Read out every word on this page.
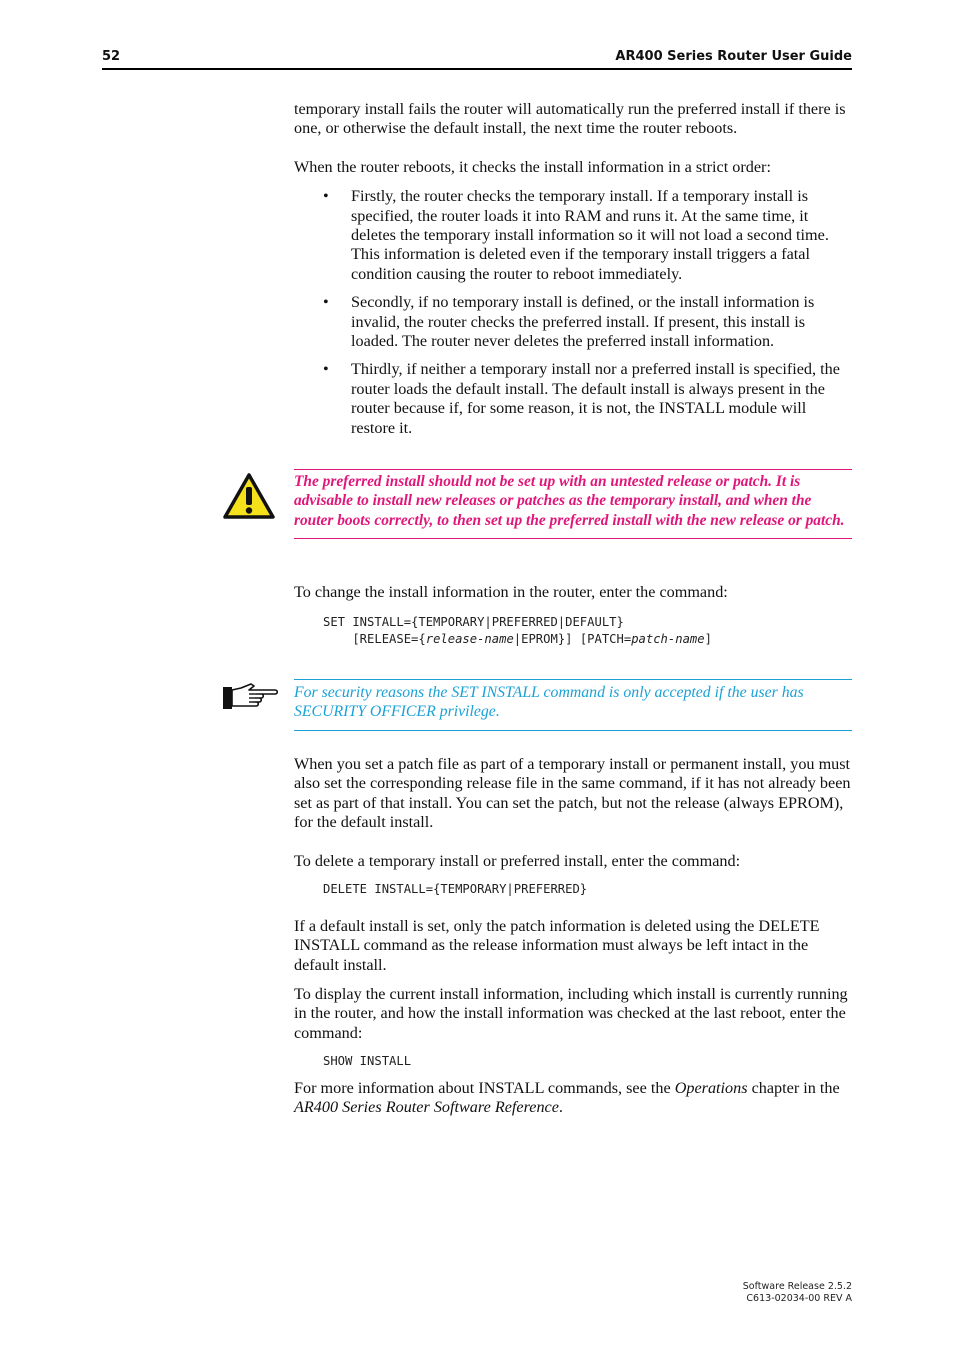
52	AR400 Series Router User Guide

temporary install fails the router will automatically run the preferred install if there is one, or otherwise the default install, the next time the router reboots.

When the router reboots, it checks the install information in a strict order:

• Firstly, the router checks the temporary install. If a temporary install is specified, the router loads it into RAM and runs it. At the same time, it deletes the temporary install information so it will not load a second time. This information is deleted even if the temporary install triggers a fatal condition causing the router to reboot immediately.
• Secondly, if no temporary install is defined, or the install information is invalid, the router checks the preferred install. If present, this install is loaded. The router never deletes the preferred install information.
• Thirdly, if neither a temporary install nor a preferred install is specified, the router loads the default install. The default install is always present in the router because if, for some reason, it is not, the INSTALL module will restore it.
The preferred install should not be set up with an untested release or patch. It is advisable to install new releases or patches as the temporary install, and when the router boots correctly, to then set up the preferred install with the new release or patch.

To change the install information in the router, enter the command:

SET INSTALL={TEMPORARY|PREFERRED|DEFAULT}
[RELEASE={release-name|EPROM}] [PATCH=patch-name]
For security reasons the SET INSTALL command is only accepted if the user has SECURITY OFFICER privilege.

When you set a patch file as part of a temporary install or permanent install, you must also set the corresponding release file in the same command, if it has not already been set as part of that install. You can set the patch, but not the release (always EPROM), for the default install.

To delete a temporary install or preferred install, enter the command:

DELETE INSTALL={TEMPORARY|PREFERRED}

If a default install is set, only the patch information is deleted using the DELETE INSTALL command as the release information must always be left intact in the default install.

To display the current install information, including which install is currently running in the router, and how the install information was checked at the last reboot, enter the command:

SHOW INSTALL

For more information about INSTALL commands, see the Operations chapter in the AR400 Series Router Software Reference.

Software Release 2.5.2
C613-02034-00 REV A
